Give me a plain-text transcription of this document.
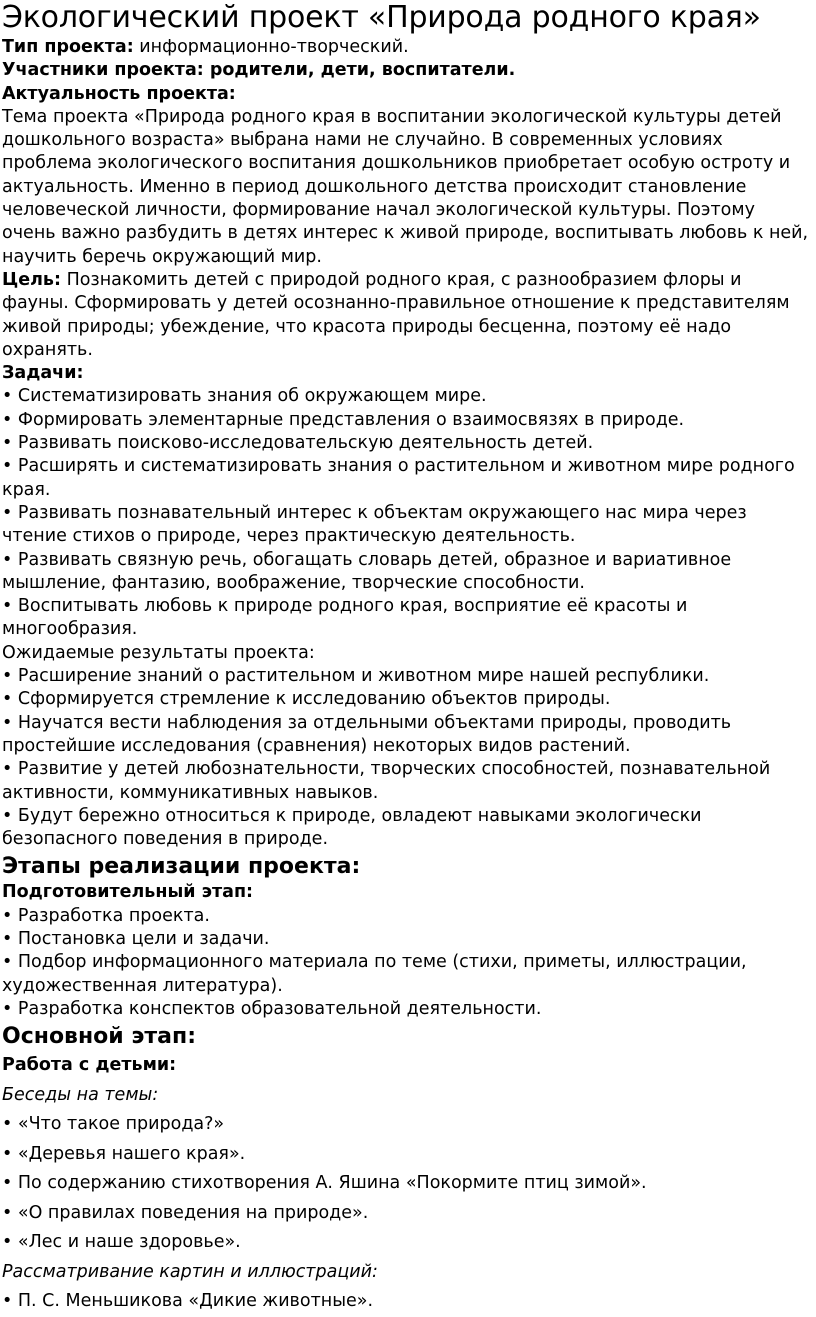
Экологический проект «Природа родного края»

Тип проекта: информационно-творческий.

Участники проекта: родители, дети, воспитатели.

Актуальность проекта:

Тема проекта «Природа родного края в воспитании экологической культуры детей дошкольного возраста» выбрана нами не случайно. В современных условиях проблема экологического воспитания дошкольников приобретает особую остроту и актуальность. Именно в период дошкольного детства происходит становление человеческой личности, формирование начал экологической культуры. Поэтому очень важно разбудить в детях интерес к живой природе, воспитывать любовь к ней, научить беречь окружающий мир.

Цель: Познакомить детей с природой родного края, с разнообразием флоры и фауны. Сформировать у детей осознанно-правильное отношение к представителям живой природы; убеждение, что красота природы бесценна, поэтому её надо охранять.

Задачи:

• Систематизировать знания об окружающем мире.

• Формировать элементарные представления о взаимосвязях в природе.

• Развивать поисково-исследовательскую деятельность детей.

• Расширять и систематизировать знания о растительном и животном мире родного края.

• Развивать познавательный интерес к объектам окружающего нас мира через чтение стихов о природе, через практическую деятельность.

• Развивать связную речь, обогащать словарь детей, образное и вариативное мышление, фантазию, воображение, творческие способности.

• Воспитывать любовь к природе родного края, восприятие её красоты и многообразия.

Ожидаемые результаты проекта:

• Расширение знаний о растительном и животном мире нашей республики.

• Сформируется стремление к исследованию объектов природы.

• Научатся вести наблюдения за отдельными объектами природы, проводить простейшие исследования (сравнения) некоторых видов растений.

• Развитие у детей любознательности, творческих способностей, познавательной активности, коммуникативных навыков.

• Будут бережно относиться к природе, овладеют навыками экологически безопасного поведения в природе.

Этапы реализации проекта:

Подготовительный этап:

• Разработка проекта.

• Постановка цели и задачи.

• Подбор информационного материала по теме (стихи, приметы, иллюстрации, художественная литература).

• Разработка конспектов образовательной деятельности.

Основной этап:

Работа с детьми:

Беседы на темы:

• «Что такое природа?»

• «Деревья нашего края».

• По содержанию стихотворения А. Яшина «Покормите птиц зимой».

• «О правилах поведения на природе».

• «Лес и наше здоровье».

Рассматривание картин и иллюстраций:

• П. С. Меньшикова «Дикие животные».
